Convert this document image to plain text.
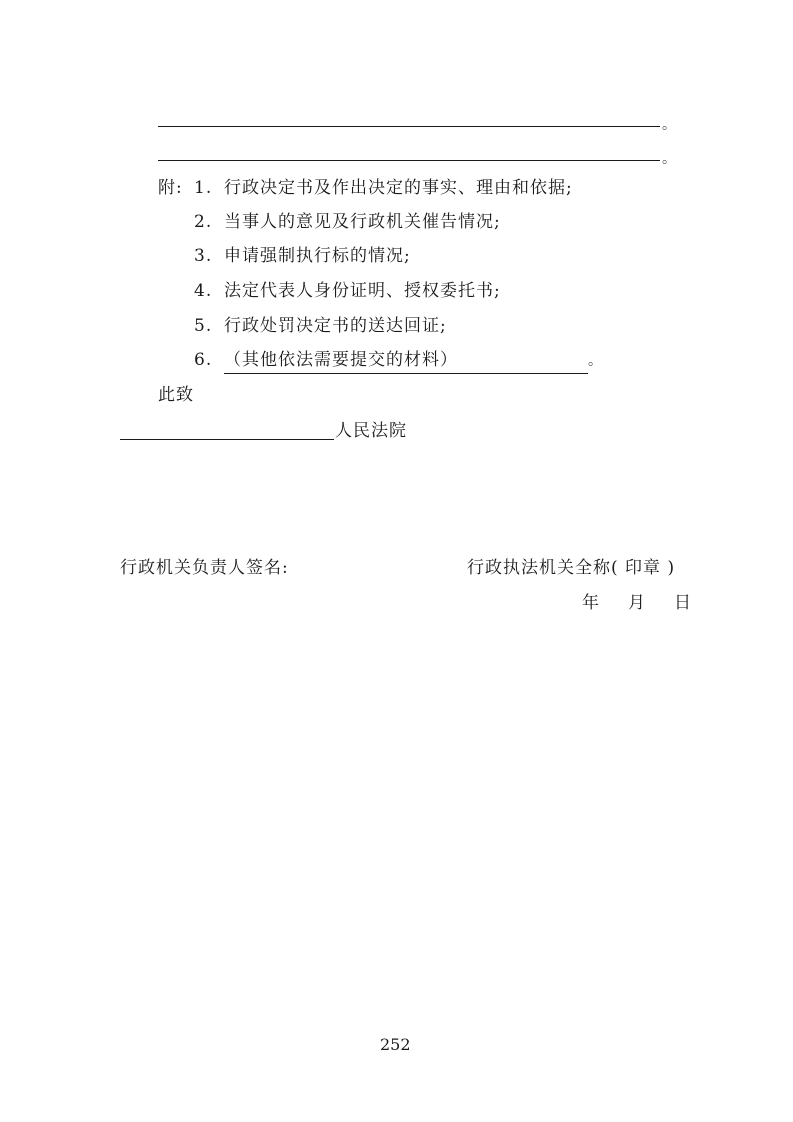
。
。
附: 1. 行政决定书及作出决定的事实、理由和依据;
2. 当事人的意见及行政机关催告情况;
3. 申请强制执行标的情况;
4. 法定代表人身份证明、授权委托书;
5. 行政处罚决定书的送达回证;
6. （其他依法需要提交的材料）	。
此致
人民法院
行政机关负责人签名:	行政执法机关全称( 印章 )
年　月　日
252
